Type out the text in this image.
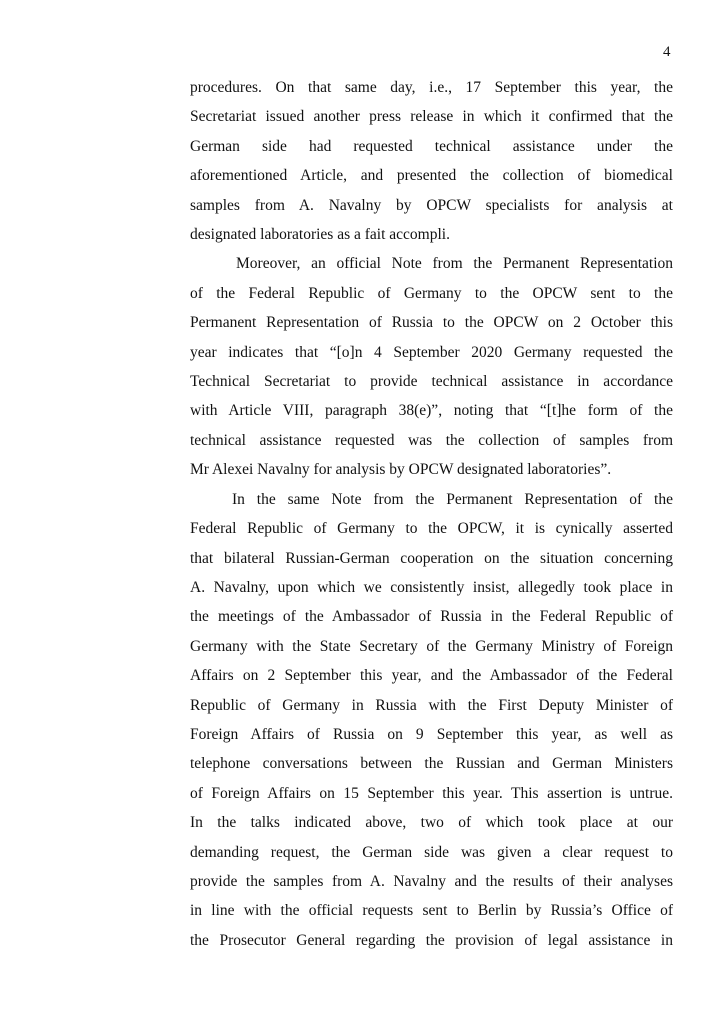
4

procedures. On that same day, i.e., 17 September this year, the
Secretariat issued another press release in which it confirmed that the
German side had requested technical assistance under the
aforementioned Article, and presented the collection of biomedical
samples from A. Navalny by OPCW specialists for analysis at
designated laboratories as a fait accompli.

Moreover, an official Note from the Permanent Representation
of the Federal Republic of Germany to the OPCW sent to the
Permanent Representation of Russia to the OPCW on 2 October this
year indicates that “[o]n 4 September 2020 Germany requested the
Technical Secretariat to provide technical assistance in accordance
with Article VIII, paragraph 38(e)”, noting that “[t]he form of the
technical assistance requested was the collection of samples from
Mr Alexei Navalny for analysis by OPCW designated laboratories”.

In the same Note from the Permanent Representation of the
Federal Republic of Germany to the OPCW, it is cynically asserted
that bilateral Russian-German cooperation on the situation concerning
A. Navalny, upon which we consistently insist, allegedly took place in
the meetings of the Ambassador of Russia in the Federal Republic of
Germany with the State Secretary of the Germany Ministry of Foreign
Affairs on 2 September this year, and the Ambassador of the Federal
Republic of Germany in Russia with the First Deputy Minister of
Foreign Affairs of Russia on 9 September this year, as well as
telephone conversations between the Russian and German Ministers
of Foreign Affairs on 15 September this year. This assertion is untrue.
In the talks indicated above, two of which took place at our
demanding request, the German side was given a clear request to
provide the samples from A. Navalny and the results of their analyses
in line with the official requests sent to Berlin by Russia’s Office of
the Prosecutor General regarding the provision of legal assistance in
